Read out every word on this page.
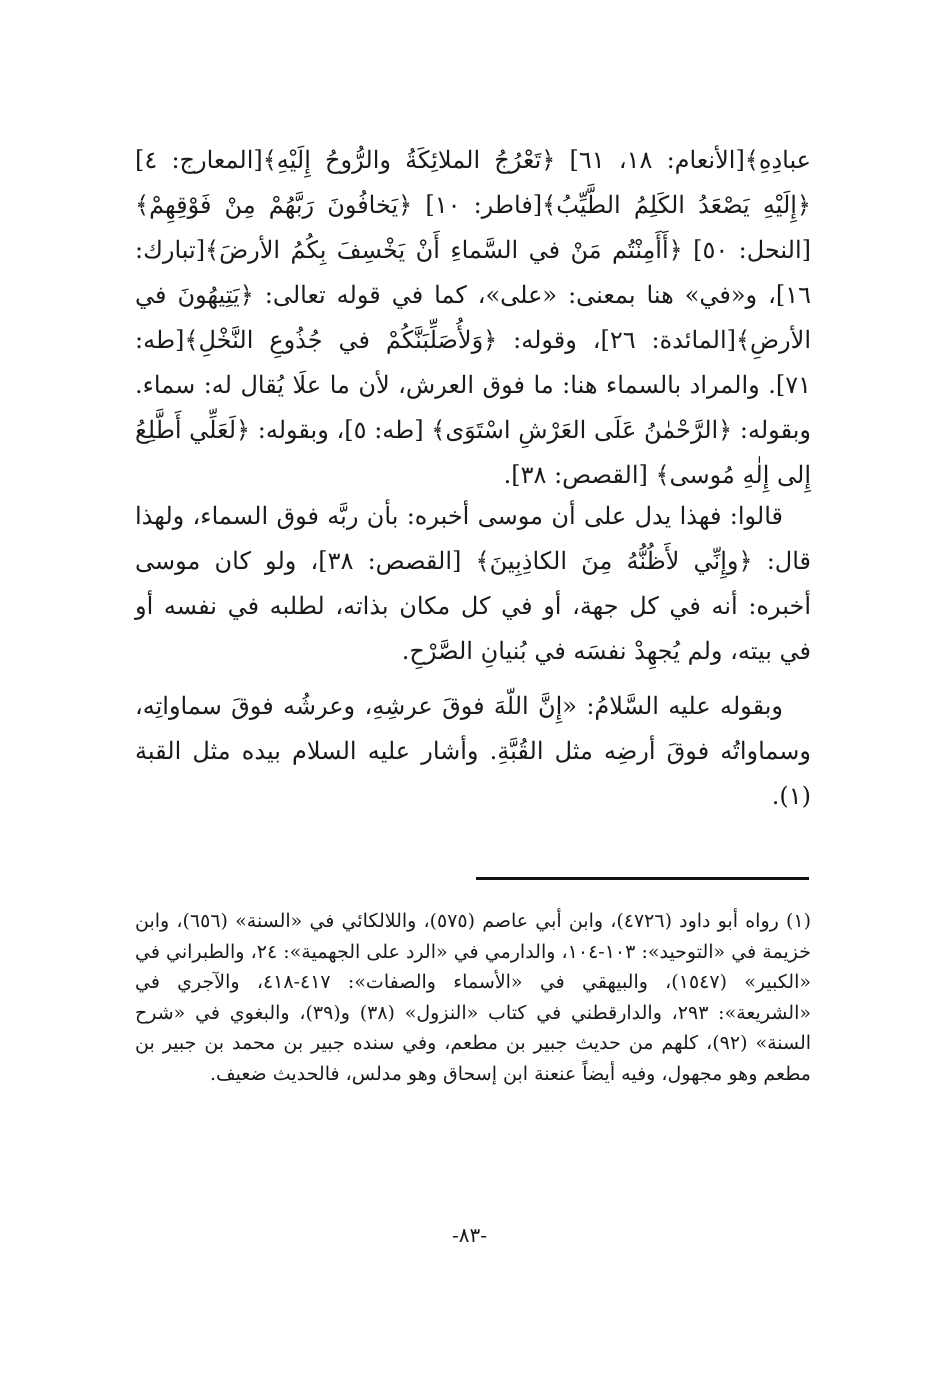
عبادِهِ﴾[الأنعام: ١٨، ٦١] ﴿تَعْرُجُ الملائِكَةُ والرُّوحُ إِلَيْهِ﴾[المعارج: ٤] ﴿إِلَيْهِ يَصْعَدُ الكَلِمُ الطَّيِّبُ﴾[فاطر: ١٠] ﴿يَخافُونَ رَبَّهُمْ مِنْ فَوْقِهِمْ﴾[النحل: ٥٠] ﴿أَأَمِنْتُم مَنْ في السَّماءِ أَنْ يَخْسِفَ بِكُمُ الأرضَ﴾[تبارك: ١٦]، و«في» هنا بمعنى: «على»، كما في قوله تعالى: ﴿يَتِيهُونَ في الأرضِ﴾[المائدة: ٢٦]، وقوله: ﴿وَلأُصَلِّبَنَّكُمْ في جُذُوعِ النَّخْلِ﴾[طه: ٧١]. والمراد بالسماء هنا: ما فوق العرش، لأن ما علَا يُقال له: سماء. وبقوله: ﴿الرَّحْمٰنُ عَلَى العَرْشِ اسْتَوَى﴾ [طه: ٥]، وبقوله: ﴿لَعَلِّي أَطَّلِعُ إِلى إِلٰهِ مُوسى﴾ [القصص: ٣٨].

قالوا: فهذا يدل على أن موسى أخبره: بأن ربَّه فوق السماء، ولهذا قال: ﴿وإِنِّي لأَظُنُّهُ مِنَ الكاذِبِينَ﴾ [القصص: ٣٨]، ولو كان موسى أخبره: أنه في كل جهة، أو في كل مكان بذاته، لطلبه في نفسه أو في بيته، ولم يُجهِدْ نفسَه في بُنيانِ الصَّرْحِ.

وبقوله عليه السَّلامُ: «إِنَّ اللّهَ فوقَ عرشِهِ، وعرشُه فوقَ سماواتِه، وسماواتُه فوقَ أرضِه مثل القُبَّةِ. وأشار عليه السلام بيده مثل القبة (١).

(١) رواه أبو داود (٤٧٢٦)، وابن أبي عاصم (٥٧٥)، واللالكائي في «السنة» (٦٥٦)، وابن خزيمة في «التوحيد»: ١٠٣-١٠٤، والدارمي في «الرد على الجهمية»: ٢٤، والطبراني في «الكبير» (١٥٤٧)، والبيهقي في «الأسماء والصفات»: ٤١٧-٤١٨، والآجري في «الشريعة»: ٢٩٣، والدارقطني في كتاب «النزول» (٣٨) و(٣٩)، والبغوي في «شرح السنة» (٩٢)، كلهم من حديث جبير بن مطعم، وفي سنده جبير بن محمد بن جبير بن مطعم وهو مجهول، وفيه أيضاً عنعنة ابن إسحاق وهو مدلس، فالحديث ضعيف.

-٨٣-
